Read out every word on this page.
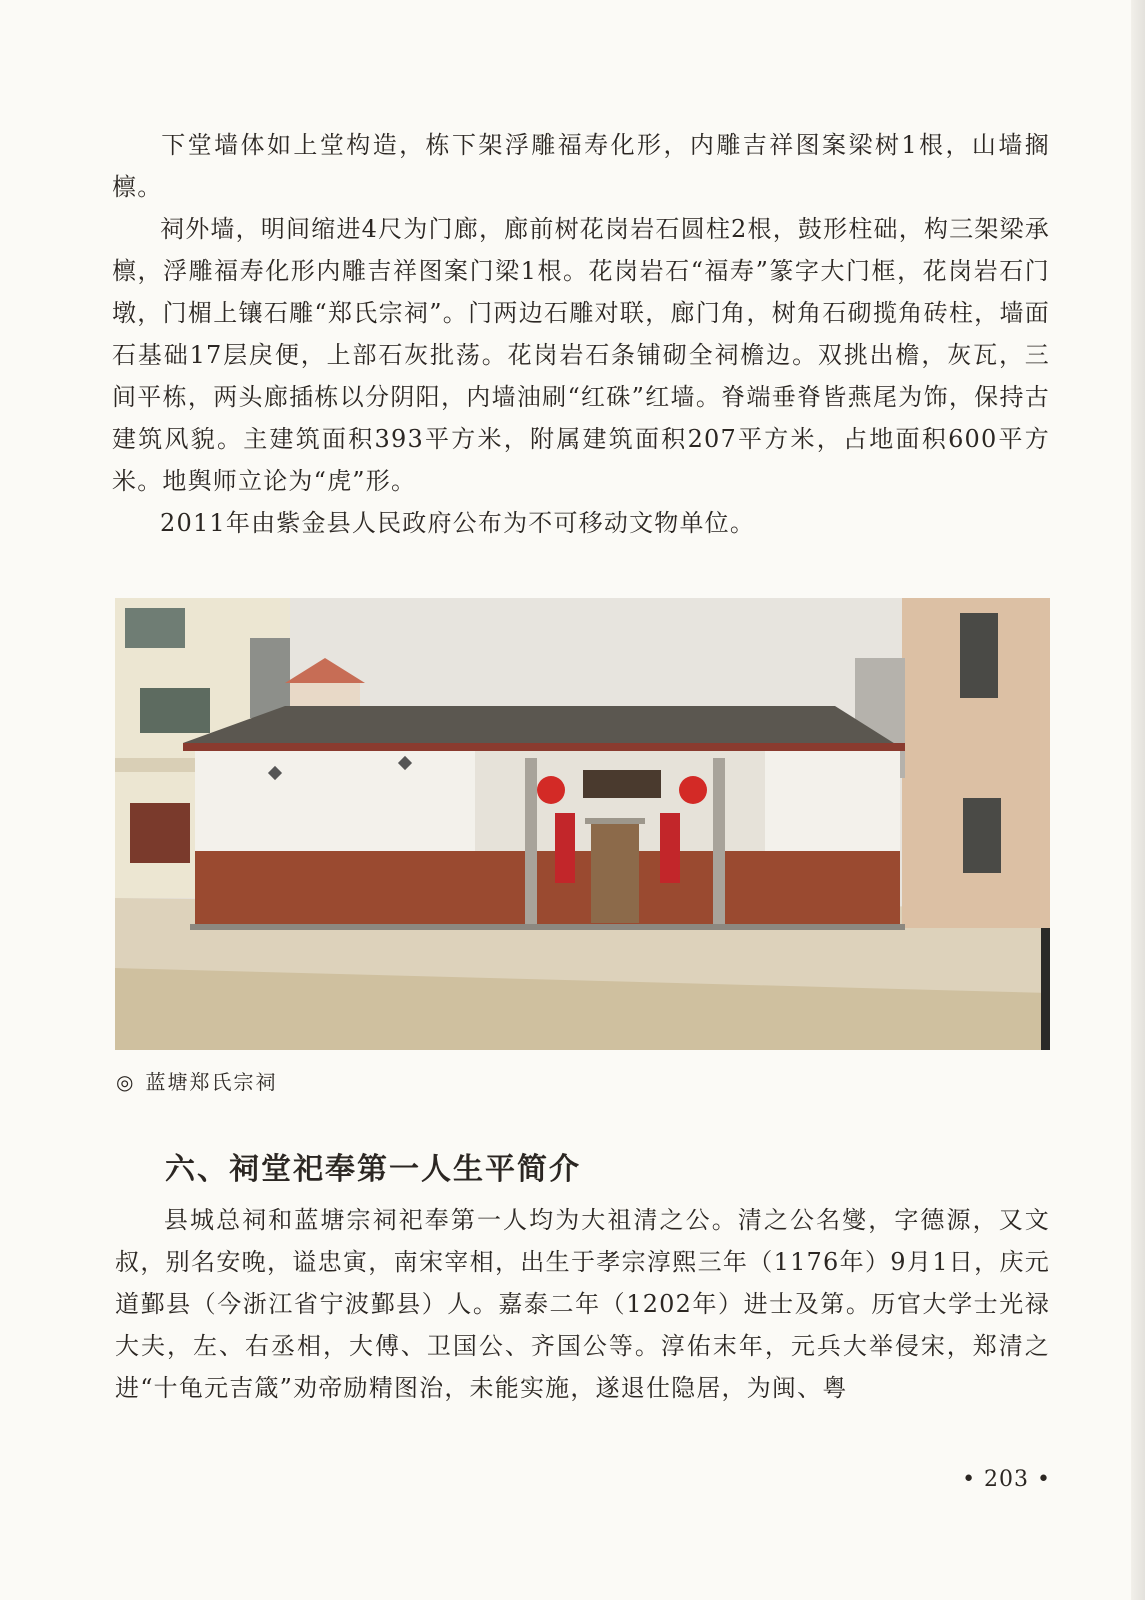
下堂墙体如上堂构造，栋下架浮雕福寿化形，内雕吉祥图案梁树1根，山墙搁檩。

祠外墙，明间缩进4尺为门廊，廊前树花岗岩石圆柱2根，鼓形柱础，构三架梁承檩，浮雕福寿化形内雕吉祥图案门梁1根。花岗岩石“福寿”篆字大门框，花岗岩石门墩，门楣上镶石雕“郑氏宗祠”。门两边石雕对联，廊门角，树角石砌揽角砖柱，墙面石基础17层戾便，上部石灰批荡。花岗岩石条铺砌全祠檐边。双挑出檐，灰瓦，三间平栋，两头廊插栋以分阴阳，内墙油刷“红硃”红墙。脊端垂脊皆燕尾为饰，保持古建筑风貌。主建筑面积393平方米，附属建筑面积207平方米，占地面积600平方米。地舆师立论为“虎”形。

2011年由紫金县人民政府公布为不可移动文物单位。

◎ 蓝塘郑氏宗祠
六、祠堂祀奉第一人生平简介

县城总祠和蓝塘宗祠祀奉第一人均为大祖清之公。清之公名燮，字德源，又文叔，别名安晚，谥忠寅，南宋宰相，出生于孝宗淳熙三年（1176年）9月1日，庆元道鄞县（今浙江省宁波鄞县）人。嘉泰二年（1202年）进士及第。历官大学士光禄大夫，左、右丞相，大傅、卫国公、齐国公等。淳佑末年，元兵大举侵宋，郑清之进“十龟元吉箴”劝帝励精图治，未能实施，遂退仕隐居，为闽、粤

• 203 •
